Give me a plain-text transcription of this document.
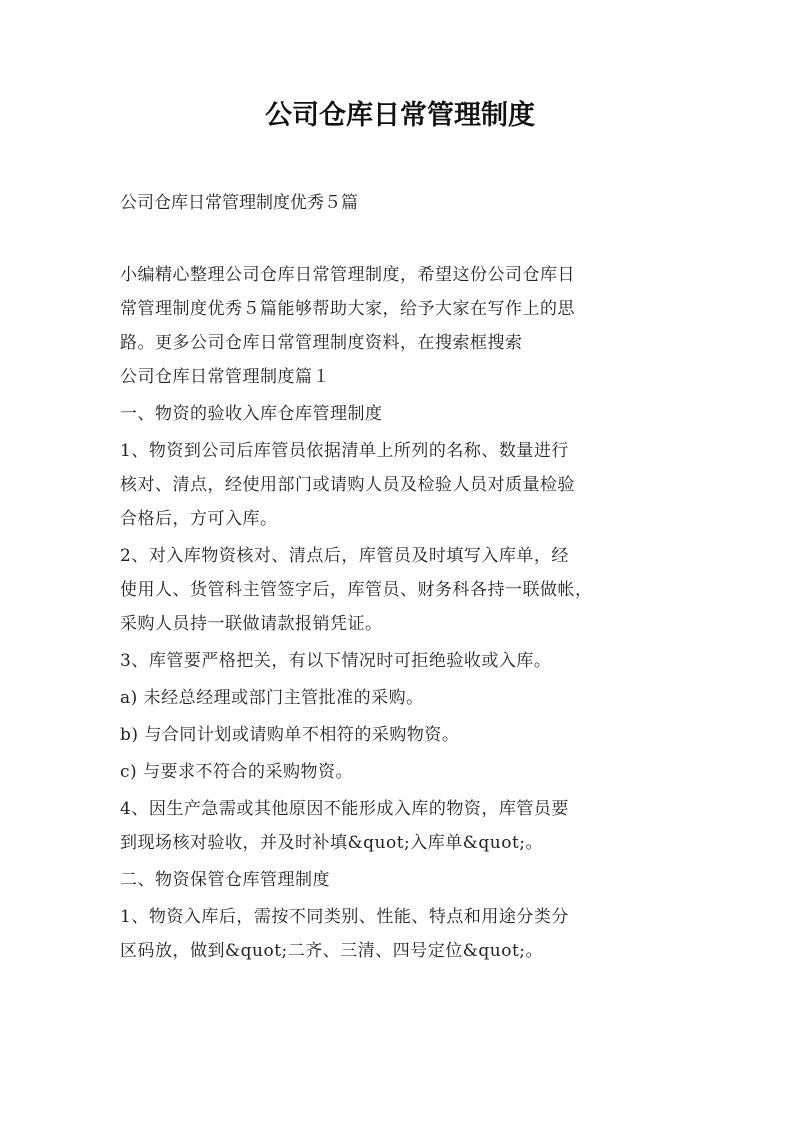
公司仓库日常管理制度

公司仓库日常管理制度优秀５篇

小编精心整理公司仓库日常管理制度，希望这份公司仓库日
常管理制度优秀５篇能够帮助大家，给予大家在写作上的思
路。更多公司仓库日常管理制度资料，在搜索框搜索
公司仓库日常管理制度篇１
一、物资的验收入库仓库管理制度
1、物资到公司后库管员依据清单上所列的名称、数量进行
核对、清点，经使用部门或请购人员及检验人员对质量检验
合格后，方可入库。
2、对入库物资核对、清点后，库管员及时填写入库单，经
使用人、货管科主管签字后，库管员、财务科各持一联做帐，
采购人员持一联做请款报销凭证。
3、库管要严格把关，有以下情况时可拒绝验收或入库。
a) 未经总经理或部门主管批准的采购。
b) 与合同计划或请购单不相符的采购物资。
c) 与要求不符合的采购物资。
4、因生产急需或其他原因不能形成入库的物资，库管员要
到现场核对验收，并及时补填&quot;入库单&quot;。
二、物资保管仓库管理制度
1、物资入库后，需按不同类别、性能、特点和用途分类分
区码放，做到&quot;二齐、三清、四号定位&quot;。
